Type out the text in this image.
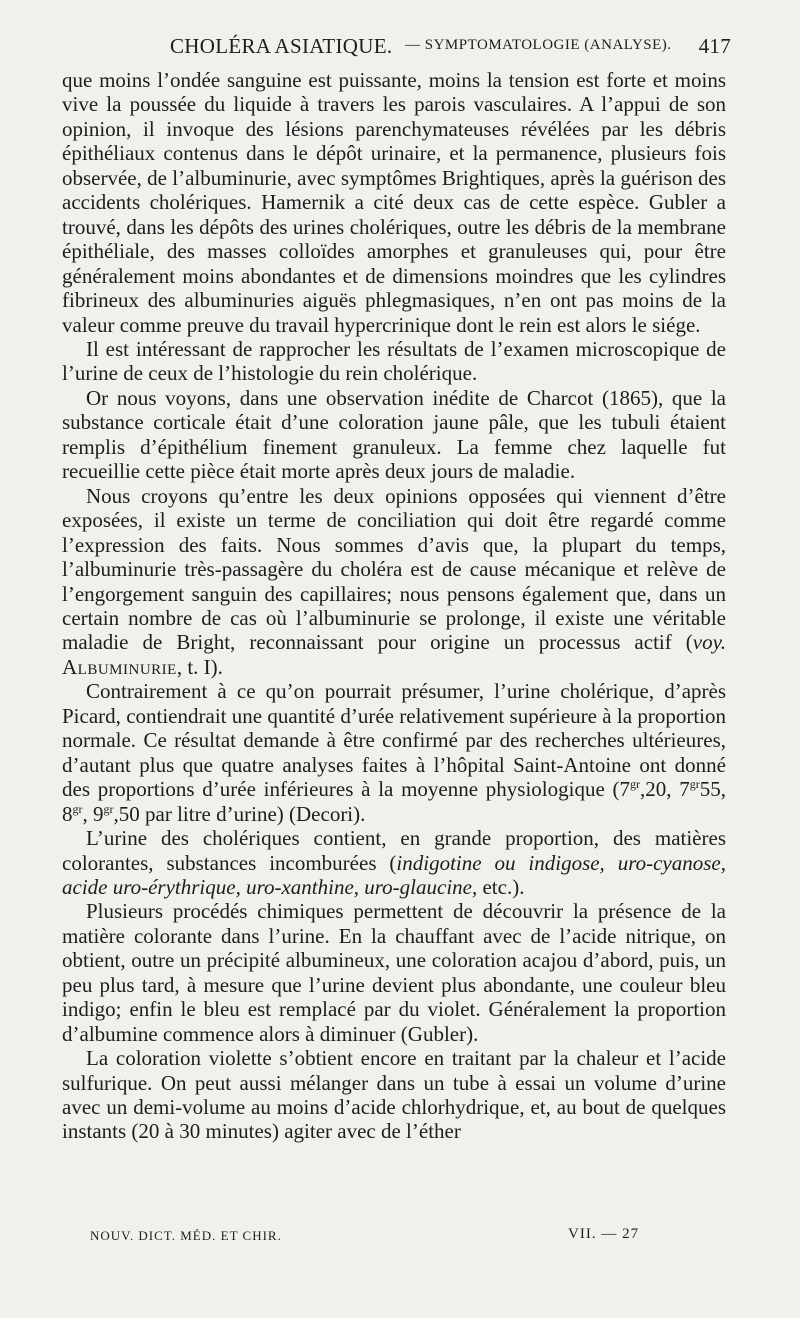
CHOLÉRA ASIATIQUE. — SYMPTOMATOLOGIE (ANALYSE). 417

que moins l’ondée sanguine est puissante, moins la tension est forte et moins vive la poussée du liquide à travers les parois vasculaires. A l’appui de son opinion, il invoque des lésions parenchymateuses révélées par les débris épithéliaux contenus dans le dépôt urinaire, et la permanence, plusieurs fois observée, de l’albuminurie, avec symptômes Brightiques, après la guérison des accidents cholériques. Hamernik a cité deux cas de cette espèce. Gubler a trouvé, dans les dépôts des urines cholériques, outre les débris de la membrane épithéliale, des masses colloïdes amorphes et granuleuses qui, pour être généralement moins abondantes et de dimensions moindres que les cylindres fibrineux des albuminuries aiguës phlegmasiques, n’en ont pas moins de la valeur comme preuve du travail hypercrinique dont le rein est alors le siége.

Il est intéressant de rapprocher les résultats de l’examen microscopique de l’urine de ceux de l’histologie du rein cholérique.

Or nous voyons, dans une observation inédite de Charcot (1865), que la substance corticale était d’une coloration jaune pâle, que les tubuli étaient remplis d’épithélium finement granuleux. La femme chez laquelle fut recueillie cette pièce était morte après deux jours de maladie.

Nous croyons qu’entre les deux opinions opposées qui viennent d’être exposées, il existe un terme de conciliation qui doit être regardé comme l’expression des faits. Nous sommes d’avis que, la plupart du temps, l’albuminurie très-passagère du choléra est de cause mécanique et relève de l’engorgement sanguin des capillaires; nous pensons également que, dans un certain nombre de cas où l’albuminurie se prolonge, il existe une véritable maladie de Bright, reconnaissant pour origine un processus actif (voy. Albuminurie, t. I).

Contrairement à ce qu’on pourrait présumer, l’urine cholérique, d’après Picard, contiendrait une quantité d’urée relativement supérieure à la proportion normale. Ce résultat demande à être confirmé par des recherches ultérieures, d’autant plus que quatre analyses faites à l’hôpital Saint-Antoine ont donné des proportions d’urée inférieures à la moyenne physiologique ($7^{gr},20$, $7^{gr}55$, $8^{gr}$, $9^{gr},50$ par litre d’urine) (Decori).

L’urine des cholériques contient, en grande proportion, des matières colorantes, substances incomburées (indigotine ou indigose, uro-cyanose, acide uro-érythrique, uro-xanthine, uro-glaucine, etc.).

Plusieurs procédés chimiques permettent de découvrir la présence de la matière colorante dans l’urine. En la chauffant avec de l’acide nitrique, on obtient, outre un précipité albumineux, une coloration acajou d’abord, puis, un peu plus tard, à mesure que l’urine devient plus abondante, une couleur bleu indigo; enfin le bleu est remplacé par du violet. Généralement la proportion d’albumine commence alors à diminuer (Gubler).

La coloration violette s’obtient encore en traitant par la chaleur et l’acide sulfurique. On peut aussi mélanger dans un tube à essai un volume d’urine avec un demi-volume au moins d’acide chlorhydrique, et, au bout de quelques instants (20 à 30 minutes) agiter avec de l’éther

NOUV. DICT. MÉD. ET CHIR.	VII. — 27
